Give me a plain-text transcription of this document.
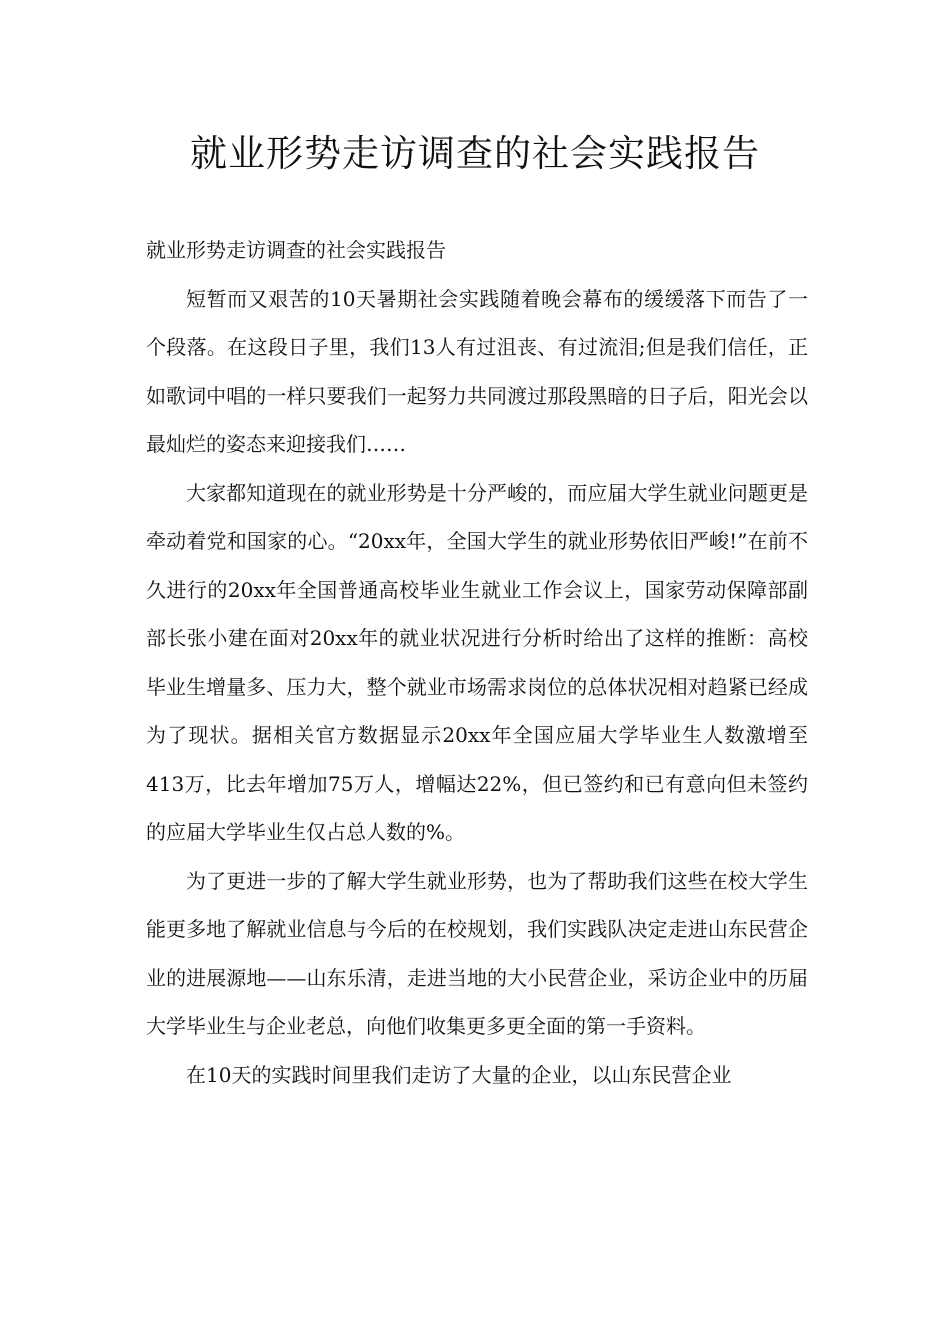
就业形势走访调查的社会实践报告

就业形势走访调查的社会实践报告

短暂而又艰苦的10天暑期社会实践随着晚会幕布的缓缓落下而告了一个段落。在这段日子里，我们13人有过沮丧、有过流泪;但是我们信任，正如歌词中唱的一样只要我们一起努力共同渡过那段黑暗的日子后，阳光会以最灿烂的姿态来迎接我们……

大家都知道现在的就业形势是十分严峻的，而应届大学生就业问题更是牵动着党和国家的心。“20xx年，全国大学生的就业形势依旧严峻!”在前不久进行的20xx年全国普通高校毕业生就业工作会议上，国家劳动保障部副部长张小建在面对20xx年的就业状况进行分析时给出了这样的推断：高校毕业生增量多、压力大，整个就业市场需求岗位的总体状况相对趋紧已经成为了现状。据相关官方数据显示20xx年全国应届大学毕业生人数激增至413万，比去年增加75万人，增幅达22%，但已签约和已有意向但未签约的应届大学毕业生仅占总人数的%。

为了更进一步的了解大学生就业形势，也为了帮助我们这些在校大学生能更多地了解就业信息与今后的在校规划，我们实践队决定走进山东民营企业的进展源地——山东乐清，走进当地的大小民营企业，采访企业中的历届大学毕业生与企业老总，向他们收集更多更全面的第一手资料。

在10天的实践时间里我们走访了大量的企业，以山东民营企业
